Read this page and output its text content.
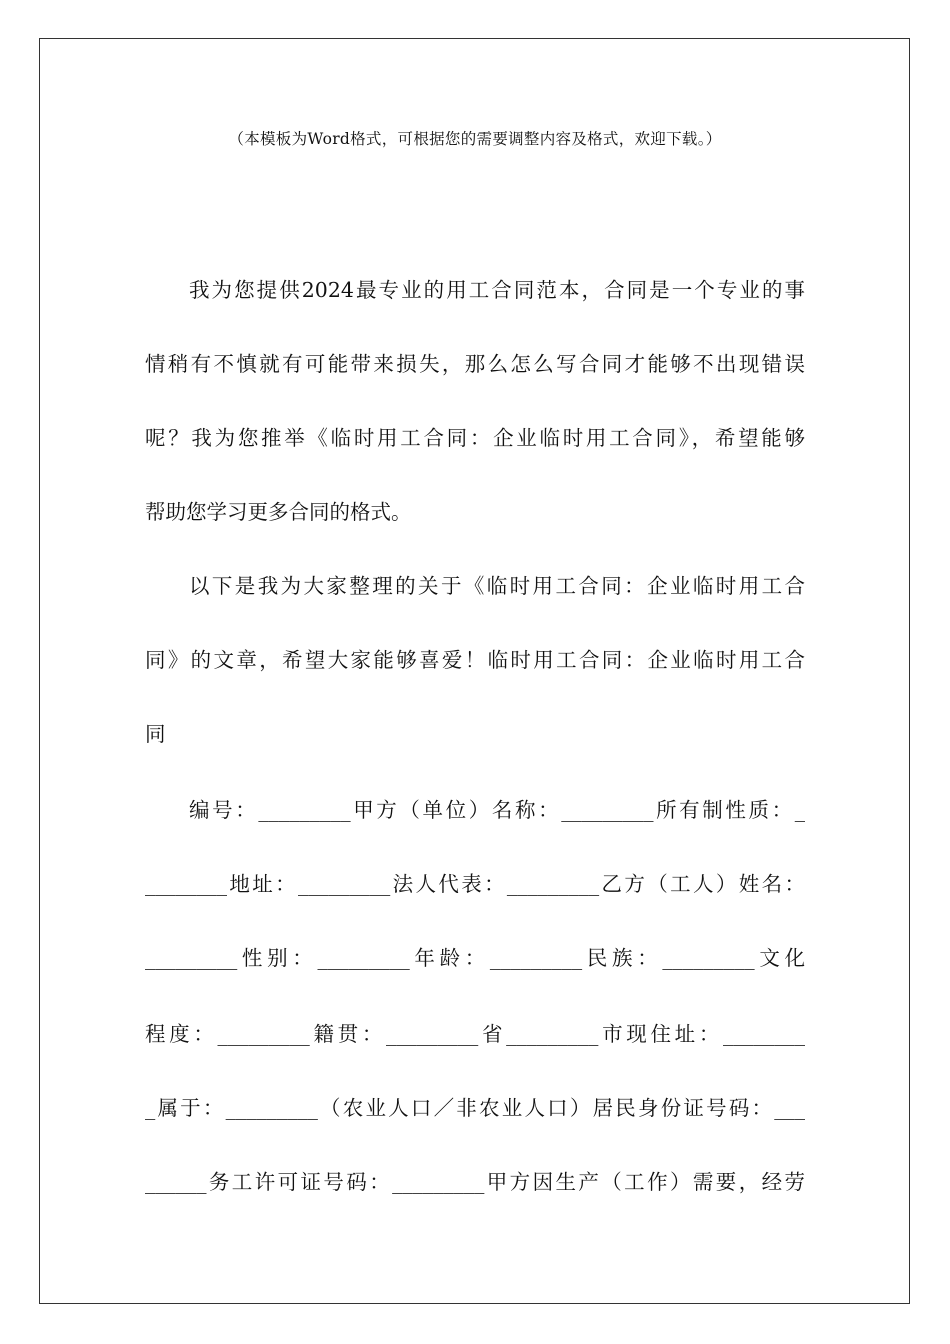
（本模板为Word格式，可根据您的需要调整内容及格式，欢迎下载。）
我为您提供2024最专业的用工合同范本，合同是一个专业的事
情稍有不慎就有可能带来损失，那么怎么写合同才能够不出现错误
呢？我为您推举《临时用工合同：企业临时用工合同》，希望能够
帮助您学习更多合同的格式。
以下是我为大家整理的关于《临时用工合同：企业临时用工合
同》的文章，希望大家能够喜爱！临时用工合同：企业临时用工合
同
编号：_________甲方（单位）名称：_________所有制性质：_
________地址：_________法人代表：_________乙方（工人）姓名：
_________性别：_________年龄：_________民族：_________文化
程度：_________籍贯：_________省_________市现住址：________
_属于：_________（农业人口／非农业人口）居民身份证号码：___
______务工许可证号码：_________甲方因生产（工作）需要，经劳
